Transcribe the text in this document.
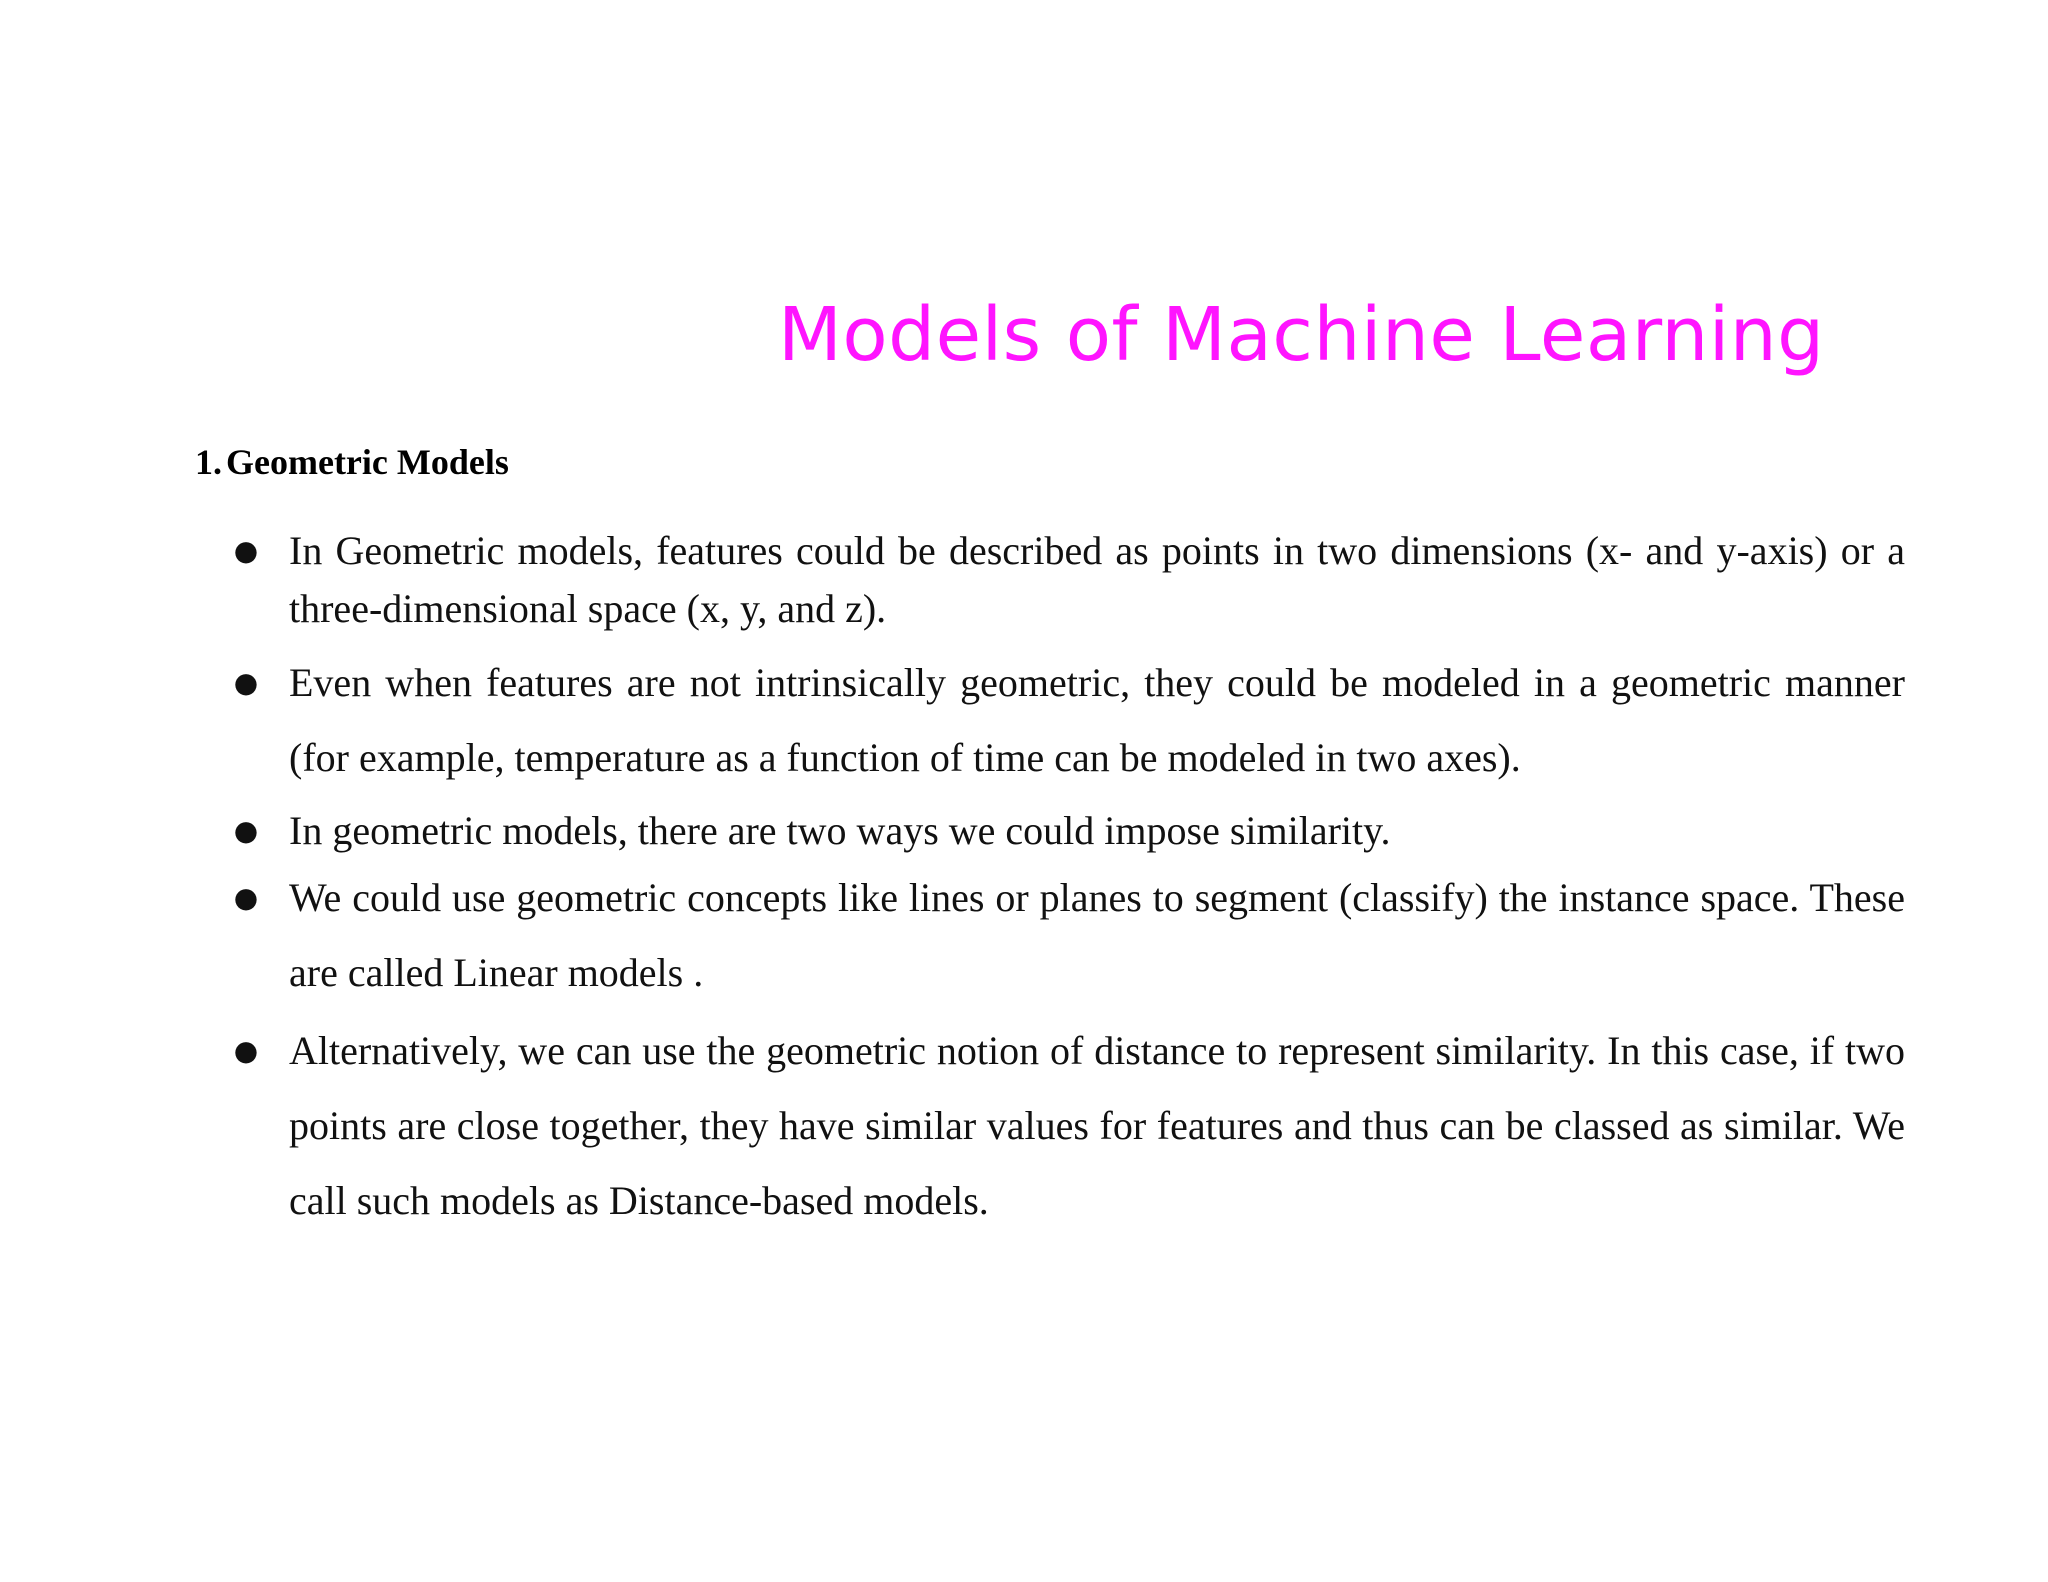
Models of Machine Learning
1. Geometric Models
● In Geometric models, features could be described as points in two dimensions (x- and y-axis) or a three-dimensional space (x, y, and z).
● Even when features are not intrinsically geometric, they could be modeled in a geometric manner (for example, temperature as a function of time can be modeled in two axes).
● In geometric models, there are two ways we could impose similarity.
● We could use geometric concepts like lines or planes to segment (classify) the instance space. These are called Linear models .
● Alternatively, we can use the geometric notion of distance to represent similarity. In this case, if two points are close together, they have similar values for features and thus can be classed as similar. We call such models as Distance-based models.
